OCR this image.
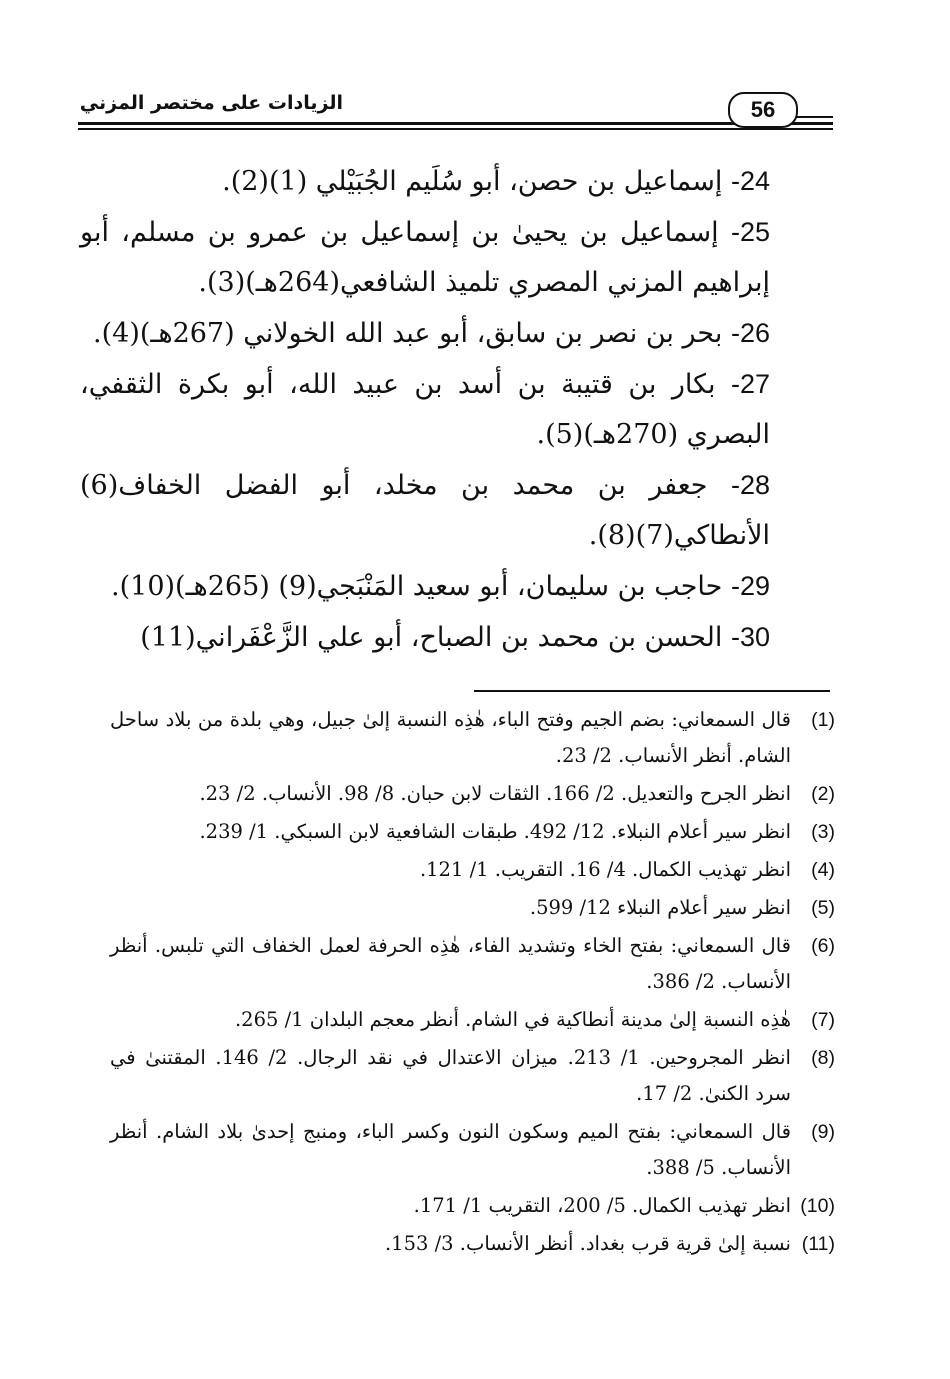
الزيادات على مختصر المزني	56

24- إسماعيل بن حصن، أبو سُلَيم الجُبَيْلي (1)(2).

25- إسماعيل بن يحيىٰ بن إسماعيل بن عمرو بن مسلم، أبو إبراهيم المزني المصري تلميذ الشافعي(264هـ)(3).

26- بحر بن نصر بن سابق، أبو عبد الله الخولاني (267هـ)(4).

27- بكار بن قتيبة بن أسد بن عبيد الله، أبو بكرة الثقفي، البصري (270هـ)(5).

28- جعفر بن محمد بن مخلد، أبو الفضل الخفاف(6) الأنطاكي(7)(8).

29- حاجب بن سليمان، أبو سعيد المَنْبَجي(9) (265هـ)(10).

30- الحسن بن محمد بن الصباح، أبو علي الزَّعْفَراني(11)

(1)
قال السمعاني: بضم الجيم وفتح الباء، هٰذِه النسبة إلىٰ جبيل، وهي بلدة من بلاد ساحل الشام. أنظر الأنساب. 2/ 23.
(2)
انظر الجرح والتعديل. 2/ 166. الثقات لابن حبان. 8/ 98. الأنساب. 2/ 23.
(3)
انظر سير أعلام النبلاء. 12/ 492. طبقات الشافعية لابن السبكي. 1/ 239.
(4)
انظر تهذيب الكمال. 4/ 16. التقريب. 1/ 121.
(5)
انظر سير أعلام النبلاء 12/ 599.
(6)
قال السمعاني: بفتح الخاء وتشديد الفاء، هٰذِه الحرفة لعمل الخفاف التي تلبس. أنظر الأنساب. 2/ 386.
(7)
هٰذِه النسبة إلىٰ مدينة أنطاكية في الشام. أنظر معجم البلدان 1/ 265.
(8)
انظر المجروحين. 1/ 213. ميزان الاعتدال في نقد الرجال. 2/ 146. المقتنىٰ في سرد الكنىٰ. 2/ 17.
(9)
قال السمعاني: بفتح الميم وسكون النون وكسر الباء، ومنبج إحدىٰ بلاد الشام. أنظر الأنساب. 5/ 388.
(10)
انظر تهذيب الكمال. 5/ 200، التقريب 1/ 171.
(11)
نسبة إلىٰ قرية قرب بغداد. أنظر الأنساب. 3/ 153.
